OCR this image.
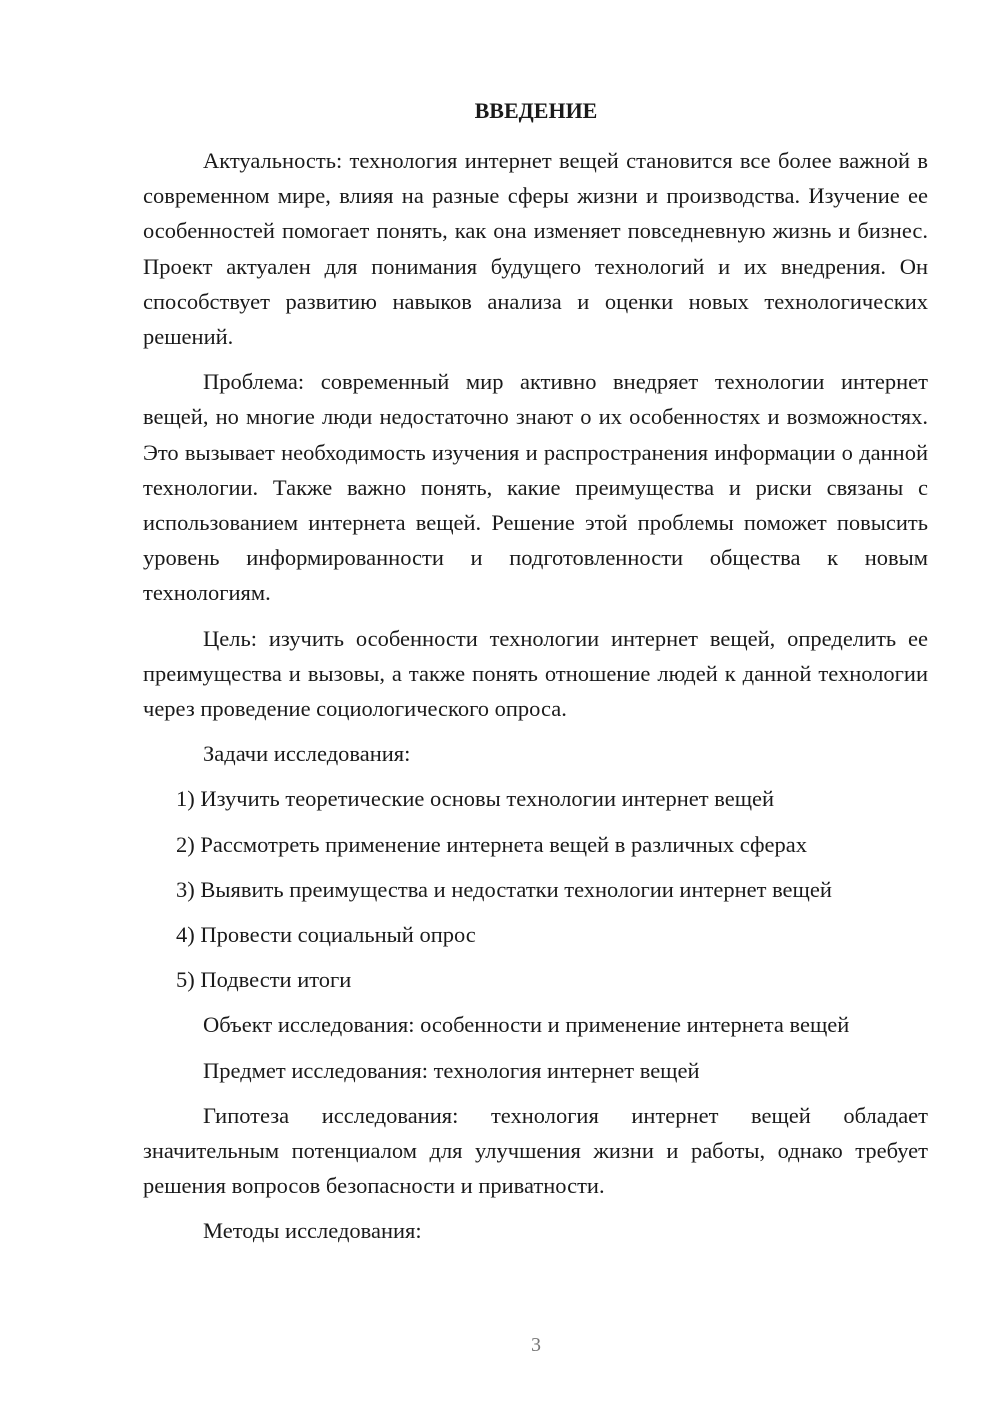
ВВЕДЕНИЕ

Актуальность: технология интернет вещей становится все более важной в современном мире, влияя на разные сферы жизни и производства. Изучение ее особенностей помогает понять, как она изменяет повседневную жизнь и бизнес. Проект актуален для понимания будущего технологий и их внедрения. Он способствует развитию навыков анализа и оценки новых технологических решений.

Проблема: современный мир активно внедряет технологии интернет вещей, но многие люди недостаточно знают о их особенностях и возможностях. Это вызывает необходимость изучения и распространения информации о данной технологии. Также важно понять, какие преимущества и риски связаны с использованием интернета вещей. Решение этой проблемы поможет повысить уровень информированности и подготовленности общества к новым технологиям.

Цель: изучить особенности технологии интернет вещей, определить ее преимущества и вызовы, а также понять отношение людей к данной технологии через проведение социологического опроса.

Задачи исследования:

1) Изучить теоретические основы технологии интернет вещей
2) Рассмотреть применение интернета вещей в различных сферах
3) Выявить преимущества и недостатки технологии интернет вещей
4) Провести социальный опрос
5) Подвести итоги

Объект исследования: особенности и применение интернета вещей

Предмет исследования: технология интернет вещей

Гипотеза исследования: технология интернет вещей обладает значительным потенциалом для улучшения жизни и работы, однако требует решения вопросов безопасности и приватности.

Методы исследования:

3
